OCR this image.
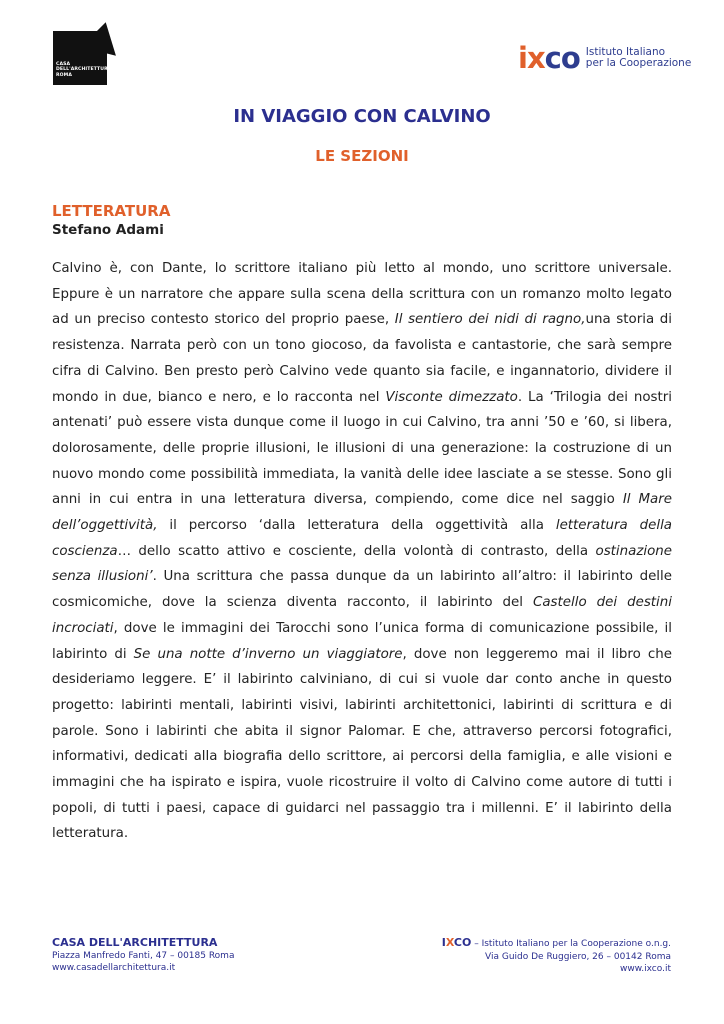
CASA
DELL'ARCHITETTURA
ROMA
ixco Istituto Italiano
per la Cooperazione
IN VIAGGIO CON CALVINO
LE SEZIONI
LETTERATURA
Stefano Adami

Calvino è, con Dante, lo scrittore italiano più letto al mondo, uno scrittore universale. Eppure è un narratore che appare sulla scena della scrittura con un romanzo molto legato ad un preciso contesto storico del proprio paese, Il sentiero dei nidi di ragno,una storia di resistenza. Narrata però con un tono giocoso, da favolista e cantastorie, che sarà sempre cifra di Calvino. Ben presto però Calvino vede quanto sia facile, e ingannatorio, dividere il mondo in due, bianco e nero, e lo racconta nel Visconte dimezzato. La ‘Trilogia dei nostri antenati’ può essere vista dunque come il luogo in cui Calvino, tra anni ’50 e ’60, si libera, dolorosamente, delle proprie illusioni, le illusioni di una generazione: la costruzione di un nuovo mondo come possibilità immediata, la vanità delle idee lasciate a se stesse. Sono gli anni in cui entra in una letteratura diversa, compiendo, come dice nel saggio Il Mare dell’oggettività, il percorso ‘dalla letteratura della oggettività alla letteratura della coscienza… dello scatto attivo e cosciente, della volontà di contrasto, della ostinazione senza illusioni’. Una scrittura che passa dunque da un labirinto all’altro: il labirinto delle cosmicomiche, dove la scienza diventa racconto, il labirinto del Castello dei destini incrociati, dove le immagini dei Tarocchi sono l’unica forma di comunicazione possibile, il labirinto di Se una notte d’inverno un viaggiatore, dove non leggeremo mai il libro che desideriamo leggere. E’ il labirinto calviniano, di cui si vuole dar conto anche in questo progetto: labirinti mentali, labirinti visivi, labirinti architettonici, labirinti di scrittura e di parole. Sono i labirinti che abita il signor Palomar. E che, attraverso percorsi fotografici, informativi, dedicati alla biografia dello scrittore, ai percorsi della famiglia, e alle visioni e immagini che ha ispirato e ispira, vuole ricostruire il volto di Calvino come autore di tutti i popoli, di tutti i paesi, capace di guidarci nel passaggio tra i millenni. E’ il labirinto della letteratura.

CASA DELL'ARCHITETTURA
Piazza Manfredo Fanti, 47 – 00185 Roma
www.casadellarchitettura.it
IXCO – Istituto Italiano per la Cooperazione o.n.g.
Via Guido De Ruggiero, 26 – 00142 Roma
www.ixco.it
